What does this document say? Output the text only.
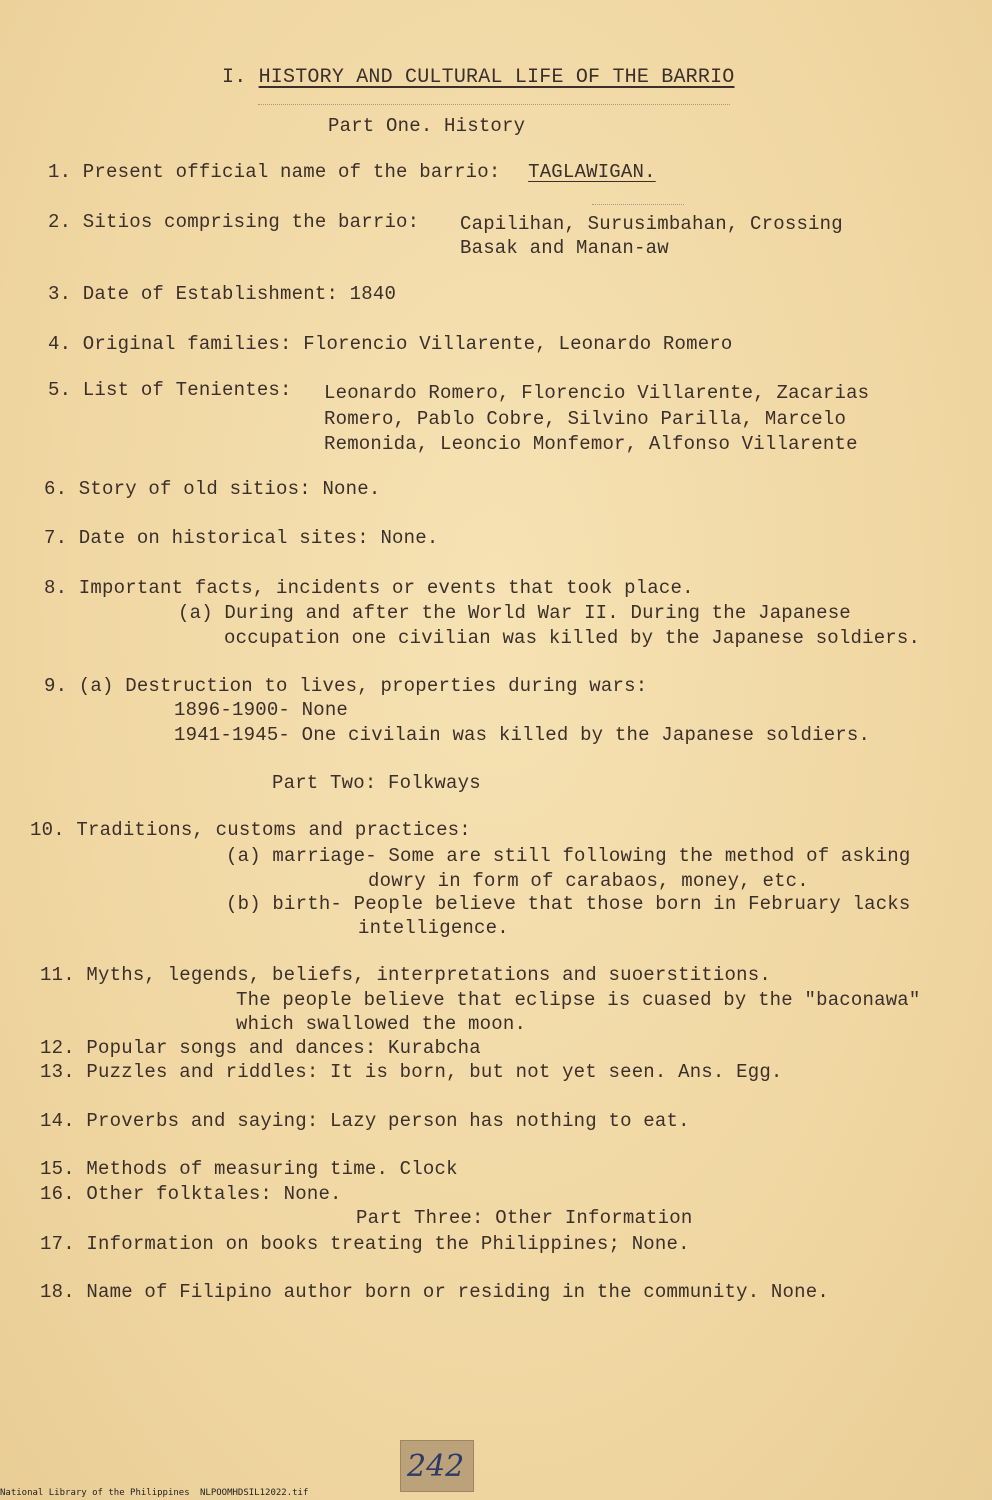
I. HISTORY AND CULTURAL LIFE OF THE BARRIO
Part One. History
1. Present official name of the barrio: TAGLAWIGAN.
2. Sitios comprising the barrio: Capilihan, Surusimbahan, Crossing
Basak and Manan-aw
3. Date of Establishment: 1840
4. Original families: Florencio Villarente, Leonardo Romero
5. List of Tenientes: Leonardo Romero, Florencio Villarente, Zacarias
Romero, Pablo Cobre, Silvino Parilla, Marcelo
Remonida, Leoncio Monfemor, Alfonso Villarente
6. Story of old sitios: None.
7. Date on historical sites: None.
8. Important facts, incidents or events that took place.
(a) During and after the World War II. During the Japanese
occupation one civilian was killed by the Japanese soldiers.
9. (a) Destruction to lives, properties during wars:
1896-1900- None
1941-1945- One civilain was killed by the Japanese soldiers.
Part Two: Folkways
10. Traditions, customs and practices:
(a) marriage- Some are still following the method of asking
dowry in form of carabaos, money, etc.
(b) birth- People believe that those born in February lacks
intelligence.
11. Myths, legends, beliefs, interpretations and suoerstitions.
The people believe that eclipse is cuased by the "baconawa"
which swallowed the moon.
12. Popular songs and dances: Kurabcha
13. Puzzles and riddles: It is born, but not yet seen. Ans. Egg.
14. Proverbs and saying: Lazy person has nothing to eat.
15. Methods of measuring time. Clock
16. Other folktales: None.
Part Three: Other Information
17. Information on books treating the Philippines; None.
18. Name of Filipino author born or residing in the community. None.
242
National Library of the Philippines NLPOOMHDSIL12022.tif
